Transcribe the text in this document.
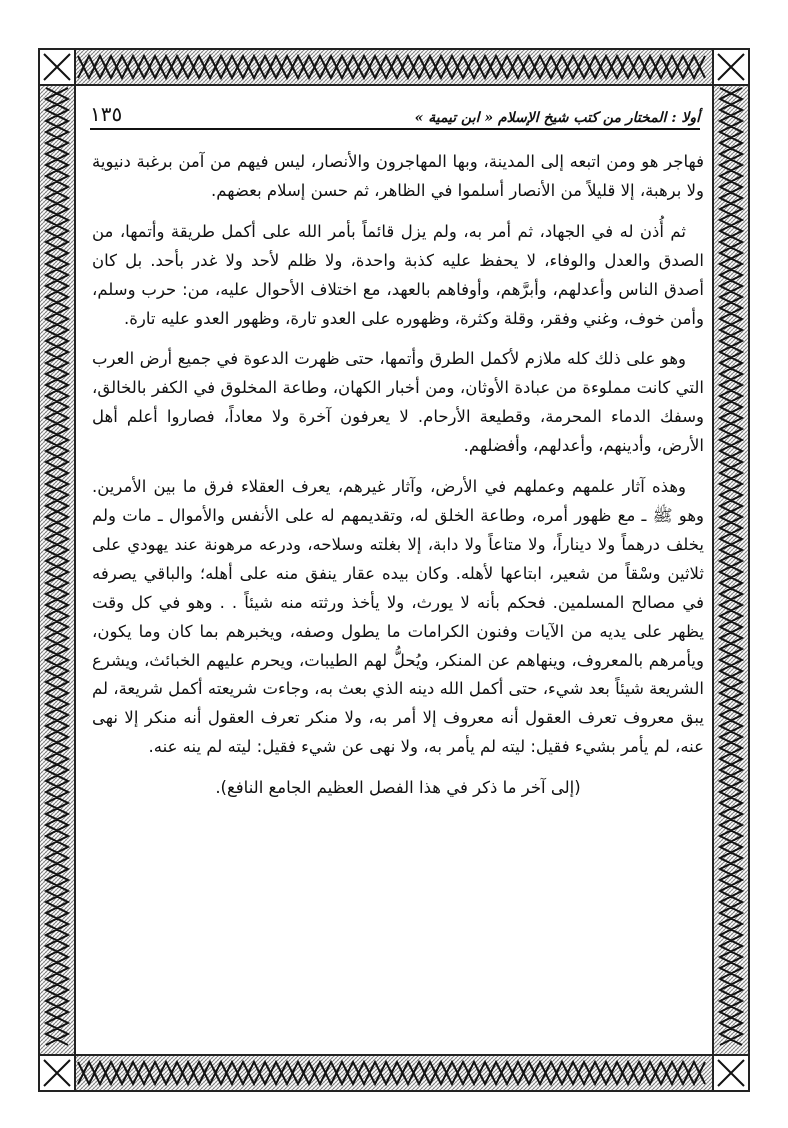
أولا : المختار من كتب شيخ الإسلام « ابن تيمية »
١٣٥

فهاجر هو ومن اتبعه إلى المدينة، وبها المهاجرون والأنصار، ليس فيهم من آمن برغبة دنيوية ولا برهبة، إلا قليلاً من الأنصار أسلموا في الظاهر، ثم حسن إسلام بعضهم.

ثم أُذن له في الجهاد، ثم أمر به، ولم يزل قائماً بأمر الله على أكمل طريقة وأتمها، من الصدق والعدل والوفاء، لا يحفظ عليه كذبة واحدة، ولا ظلم لأحد ولا غدر بأحد. بل كان أصدق الناس وأعدلهم، وأبرَّهم، وأوفاهم بالعهد، مع اختلاف الأحوال عليه، من: حرب وسلم، وأمن خوف، وغني وفقر، وقلة وكثرة، وظهوره على العدو تارة، وظهور العدو عليه تارة.

وهو على ذلك كله ملازم لأكمل الطرق وأتمها، حتى ظهرت الدعوة في جميع أرض العرب التي كانت مملوءة من عبادة الأوثان، ومن أخبار الكهان، وطاعة المخلوق في الكفر بالخالق، وسفك الدماء المحرمة، وقطيعة الأرحام. لا يعرفون آخرة ولا معاداً، فصاروا أعلم أهل الأرض، وأدينهم، وأعدلهم، وأفضلهم.

وهذه آثار علمهم وعملهم في الأرض، وآثار غيرهم، يعرف العقلاء فرق ما بين الأمرين. وهو ﷺ ـ مع ظهور أمره، وطاعة الخلق له، وتقديمهم له على الأنفس والأموال ـ مات ولم يخلف درهماً ولا ديناراً، ولا متاعاً ولا دابة، إلا بغلته وسلاحه، ودرعه مرهونة عند يهودي على ثلاثين وسْقاً من شعير، ابتاعها لأهله. وكان بيده عقار ينفق منه على أهله؛ والباقي يصرفه في مصالح المسلمين. فحكم بأنه لا يورث، ولا يأخذ ورثته منه شيئاً . . وهو في كل وقت يظهر على يديه من الآيات وفنون الكرامات ما يطول وصفه، ويخبرهم بما كان وما يكون، ويأمرهم بالمعروف، وينهاهم عن المنكر، ويُحلُّ لهم الطيبات، ويحرم عليهم الخبائث، ويشرع الشريعة شيئاً بعد شيء، حتى أكمل الله دينه الذي بعث به، وجاءت شريعته أكمل شريعة، لم يبق معروف تعرف العقول أنه معروف إلا أمر به، ولا منكر تعرف العقول أنه منكر إلا نهى عنه، لم يأمر بشيء فقيل: ليته لم يأمر به، ولا نهى عن شيء فقيل: ليته لم ينه عنه.

(إلى آخر ما ذكر في هذا الفصل العظيم الجامع النافع).
